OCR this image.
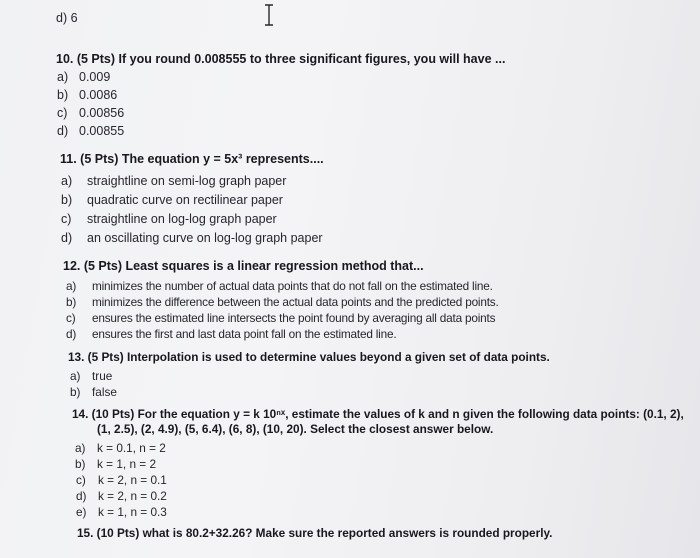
d) 6
10. (5 Pts) If you round 0.008555 to three significant figures, you will have ...
a) 0.009
b) 0.0086
c) 0.00856
d) 0.00855
11. (5 Pts) The equation y = 5x³ represents....
a) straightline on semi-log graph paper
b) quadratic curve on rectilinear paper
c) straightline on log-log graph paper
d) an oscillating curve on log-log graph paper
12. (5 Pts) Least squares is a linear regression method that...
a) minimizes the number of actual data points that do not fall on the estimated line.
b) minimizes the difference between the actual data points and the predicted points.
c) ensures the estimated line intersects the point found by averaging all data points
d) ensures the first and last data point fall on the estimated line.
13. (5 Pts) Interpolation is used to determine values beyond a given set of data points.
a) true
b) false
14. (10 Pts) For the equation y = k 10ⁿˣ, estimate the values of k and n given the following data points: (0.1, 2),
(1, 2.5), (2, 4.9), (5, 6.4), (6, 8), (10, 20). Select the closest answer below.
a) k = 0.1, n = 2
b) k = 1, n = 2
c) k = 2, n = 0.1
d) k = 2, n = 0.2
e) k = 1, n = 0.3
15. (10 Pts) what is 80.2+32.26? Make sure the reported answers is rounded properly.
